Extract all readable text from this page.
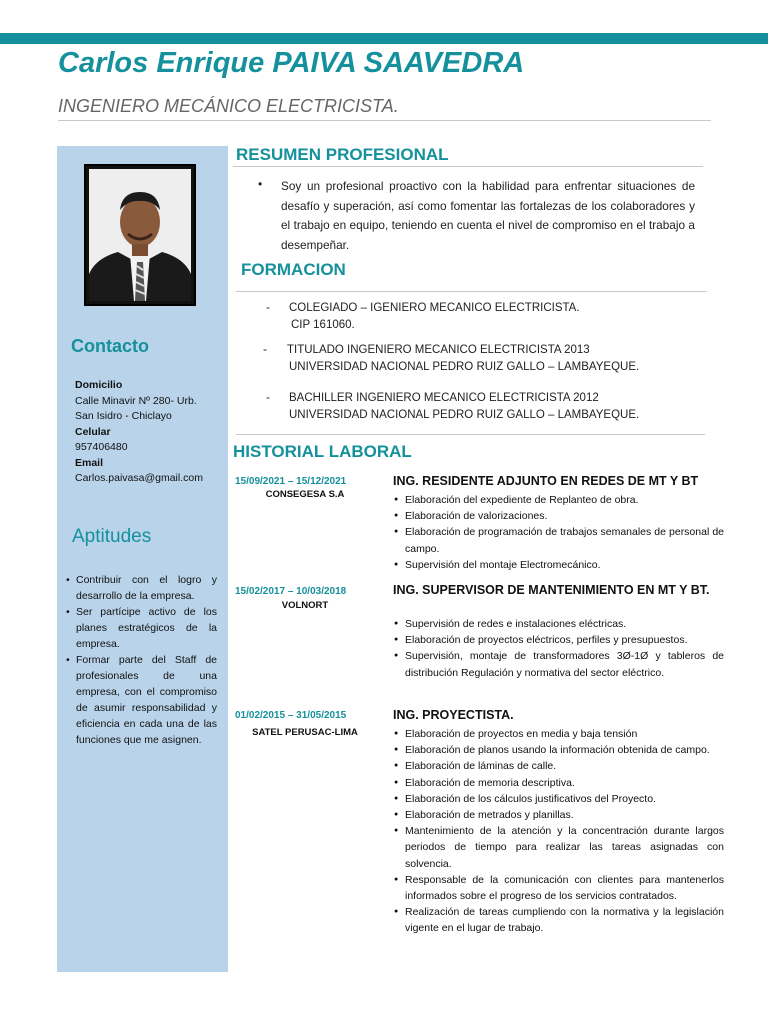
Carlos Enrique PAIVA SAAVEDRA
INGENIERO MECÁNICO ELECTRICISTA.
Contacto
Domicilio
Calle Minavir Nº 280- Urb.
San Isidro - Chiclayo
Celular
957406480
Email
Carlos.paivasa@gmail.com
Aptitudes
• Contribuir con el logro y desarrollo de la empresa.
• Ser partícipe activo de los planes estratégicos de la empresa.
• Formar parte del Staff de profesionales de una empresa, con el compromiso de asumir responsabilidad y eficiencia en cada una de las funciones que me asignen.
RESUMEN PROFESIONAL
• Soy un profesional proactivo con la habilidad para enfrentar situaciones de desafío y superación, así como fomentar las fortalezas de los colaboradores y el trabajo en equipo, teniendo en cuenta el nivel de compromiso en el trabajo a desempeñar.

FORMACION
- COLEGIADO – IGENIERO MECANICO ELECTRICISTA.
CIP 161060.
- TITULADO INGENIERO MECANICO ELECTRICISTA 2013
UNIVERSIDAD NACIONAL PEDRO RUIZ GALLO – LAMBAYEQUE.
- BACHILLER INGENIERO MECANICO ELECTRICISTA 2012
UNIVERSIDAD NACIONAL PEDRO RUIZ GALLO – LAMBAYEQUE.
HISTORIAL LABORAL
15/09/2021 – 15/12/2021
CONSEGESA S.A
ING. RESIDENTE ADJUNTO EN REDES DE MT Y BT
● Elaboración del expediente de Replanteo de obra.
● Elaboración de valorizaciones.
● Elaboración de programación de trabajos semanales de personal de campo.
● Supervisión del montaje Electromecánico.
15/02/2017 – 10/03/2018
VOLNORT
ING. SUPERVISOR DE MANTENIMIENTO EN MT Y BT.
● Supervisión de redes e instalaciones eléctricas.
● Elaboración de proyectos eléctricos, perfiles y presupuestos.
● Supervisión, montaje de transformadores 3Ø-1Ø y tableros de distribución Regulación y normativa del sector eléctrico.
01/02/2015 – 31/05/2015
SATEL PERUSAC-LIMA
ING. PROYECTISTA.
● Elaboración de proyectos en media y baja tensión
● Elaboración de planos usando la información obtenida de campo.
● Elaboración de láminas de calle.
● Elaboración de memoria descriptiva.
● Elaboración de los cálculos justificativos del Proyecto.
● Elaboración de metrados y planillas.
● Mantenimiento de la atención y la concentración durante largos periodos de tiempo para realizar las tareas asignadas con solvencia.
● Responsable de la comunicación con clientes para mantenerlos informados sobre el progreso de los servicios contratados.
● Realización de tareas cumpliendo con la normativa y la legislación vigente en el lugar de trabajo.
